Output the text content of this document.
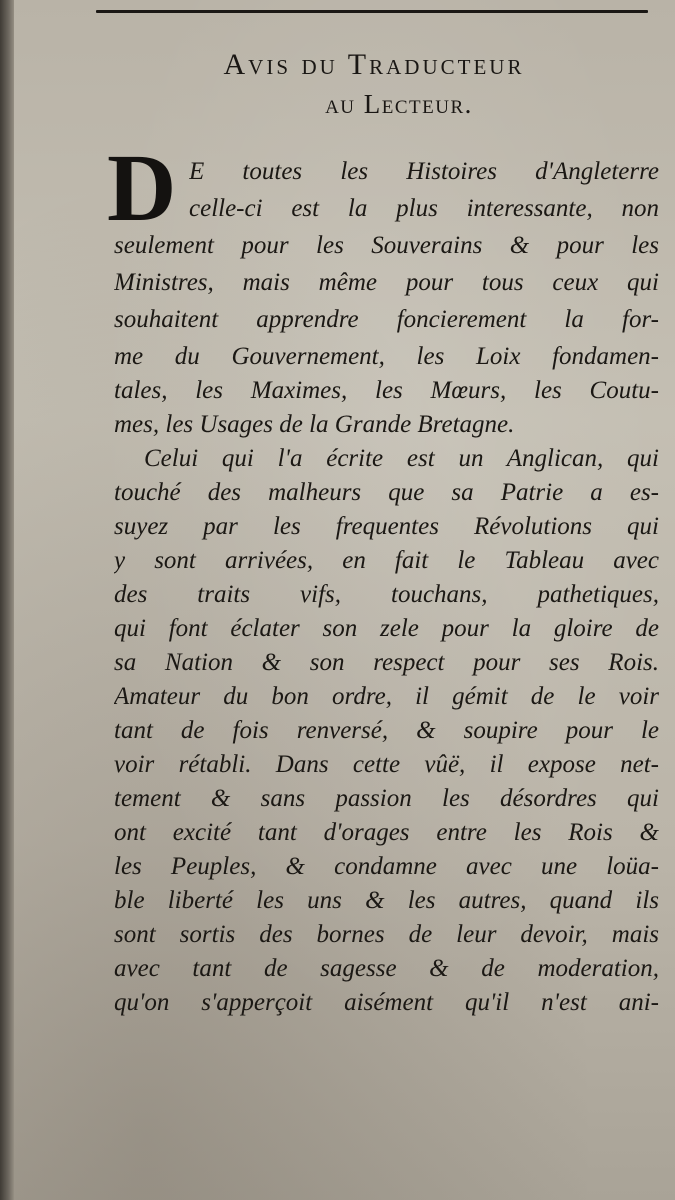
Avis du Traducteur
au Lecteur.
D E toutes les Histoires d'Angleterre
celle-ci est la plus interessante, non
seulement pour les Souverains & pour les
Ministres, mais même pour tous ceux qui
souhaitent apprendre foncierement la for-
me du Gouvernement, les Loix fondamen-
tales, les Maximes, les Mœurs, les Coutu-
mes, les Usages de la Grande Bretagne.
Celui qui l'a écrite est un Anglican, qui
touché des malheurs que sa Patrie a es-
suyez par les frequentes Révolutions qui
y sont arrivées, en fait le Tableau avec
des traits vifs, touchans, pathetiques,
qui font éclater son zele pour la gloire de
sa Nation & son respect pour ses Rois.
Amateur du bon ordre, il gémit de le voir
tant de fois renversé, & soupire pour le
voir rétabli. Dans cette vûë, il expose net-
tement & sans passion les désordres qui
ont excité tant d'orages entre les Rois &
les Peuples, & condamne avec une loüa-
ble liberté les uns & les autres, quand ils
sont sortis des bornes de leur devoir, mais
avec tant de sagesse & de moderation,
qu'on s'apperçoit aisément qu'il n'est ani-
